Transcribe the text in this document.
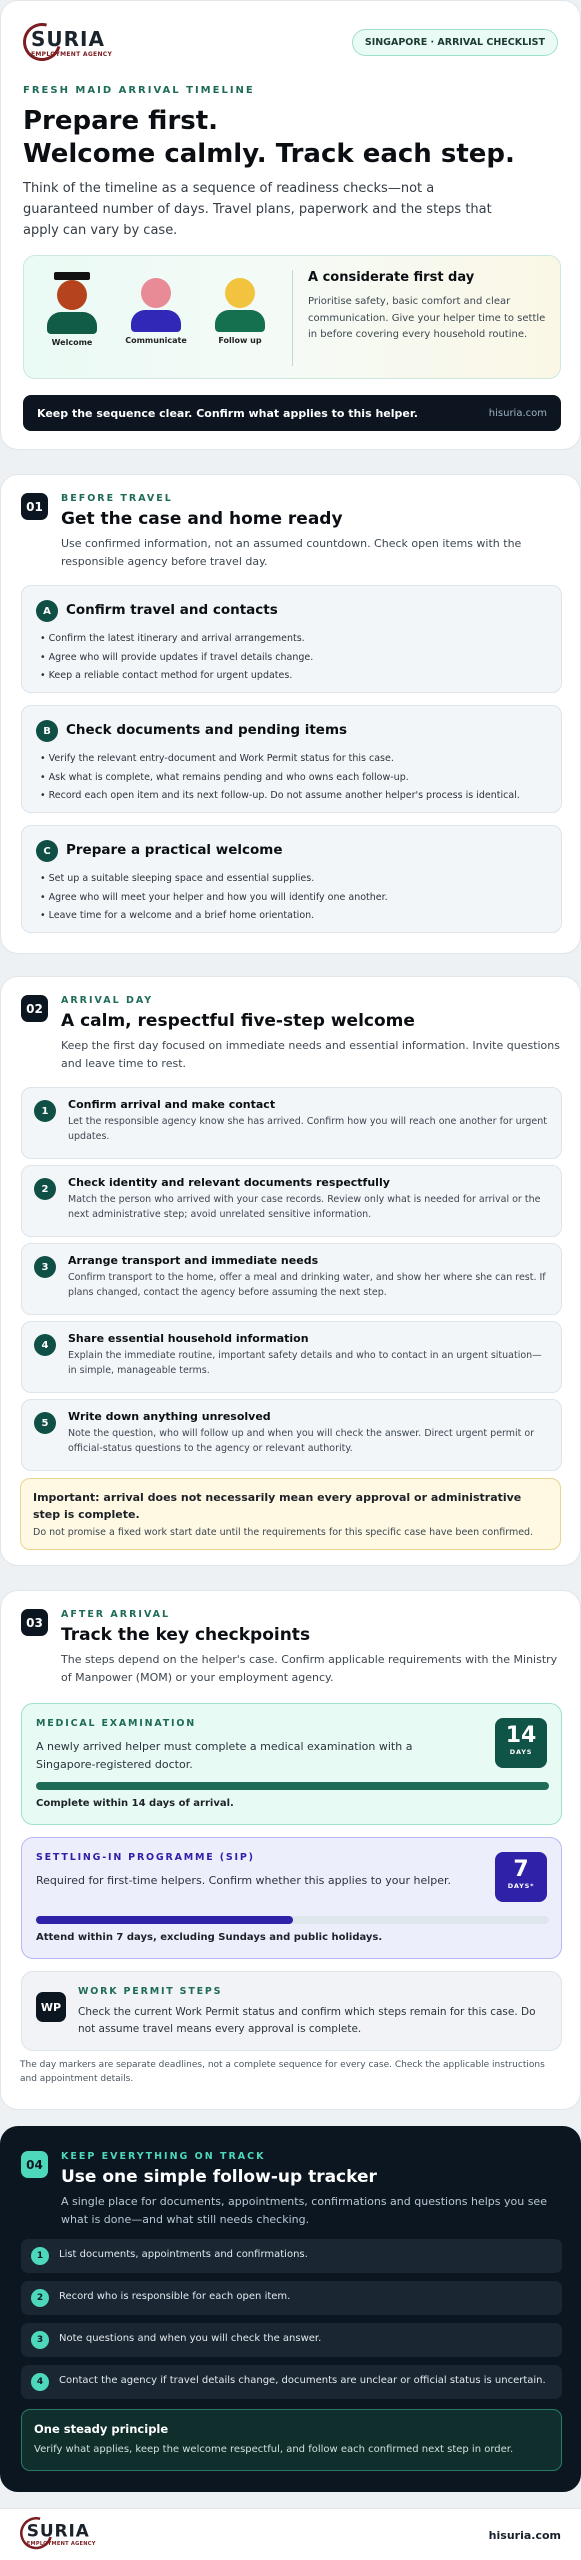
SURIA
EMPLOYMENT AGENCY
SINGAPORE · ARRIVAL CHECKLIST
FRESH MAID ARRIVAL TIMELINE
Prepare first.
Welcome calmly. Track each step.
Think of the timeline as a sequence of readiness checks—not a guaranteed number of days. Travel plans, paperwork and the steps that apply can vary by case.
Welcome	Communicate	Follow up
A considerate first day
Prioritise safety, basic comfort and clear communication. Give your helper time to settle in before covering every household routine.
Keep the sequence clear. Confirm what applies to this helper.	hisuria.com
01
BEFORE TRAVEL
Get the case and home ready
Use confirmed information, not an assumed countdown. Check open items with the responsible agency before travel day.
A	Confirm travel and contacts
• Confirm the latest itinerary and arrival arrangements.
• Agree who will provide updates if travel details change.
• Keep a reliable contact method for urgent updates.
B	Check documents and pending items
• Verify the relevant entry-document and Work Permit status for this case.
• Ask what is complete, what remains pending and who owns each follow-up.
• Record each open item and its next follow-up. Do not assume another helper's process is identical.
C	Prepare a practical welcome
• Set up a suitable sleeping space and essential supplies.
• Agree who will meet your helper and how you will identify one another.
• Leave time for a welcome and a brief home orientation.
02
ARRIVAL DAY
A calm, respectful five-step welcome
Keep the first day focused on immediate needs and essential information. Invite questions and leave time to rest.
1	Confirm arrival and make contact
Let the responsible agency know she has arrived. Confirm how you will reach one another for urgent updates.
2	Check identity and relevant documents respectfully
Match the person who arrived with your case records. Review only what is needed for arrival or the next administrative step; avoid unrelated sensitive information.
3	Arrange transport and immediate needs
Confirm transport to the home, offer a meal and drinking water, and show her where she can rest. If plans changed, contact the agency before assuming the next step.
4	Share essential household information
Explain the immediate routine, important safety details and who to contact in an urgent situation—in simple, manageable terms.
5	Write down anything unresolved
Note the question, who will follow up and when you will check the answer. Direct urgent permit or official-status questions to the agency or relevant authority.
Important: arrival does not necessarily mean every approval or administrative step is complete.
Do not promise a fixed work start date until the requirements for this specific case have been confirmed.
03
AFTER ARRIVAL
Track the key checkpoints
The steps depend on the helper's case. Confirm applicable requirements with the Ministry of Manpower (MOM) or your employment agency.
MEDICAL EXAMINATION
A newly arrived helper must complete a medical examination with a Singapore-registered doctor.
14
DAYS
Complete within 14 days of arrival.
SETTLING-IN PROGRAMME (SIP)
Required for first-time helpers. Confirm whether this applies to your helper.	7
DAYS*
Attend within 7 days, excluding Sundays and public holidays.
WP
WORK PERMIT STEPS
Check the current Work Permit status and confirm which steps remain for this case. Do not assume travel means every approval is complete.
The day markers are separate deadlines, not a complete sequence for every case. Check the applicable instructions and appointment details.
04
KEEP EVERYTHING ON TRACK
Use one simple follow-up tracker
A single place for documents, appointments, confirmations and questions helps you see what is done—and what still needs checking.
1	List documents, appointments and confirmations.
2	Record who is responsible for each open item.
3	Note questions and when you will check the answer.
4	Contact the agency if travel details change, documents are unclear or official status is uncertain.
One steady principle
Verify what applies, keep the welcome respectful, and follow each confirmed next step in order.
SURIA
EMPLOYMENT AGENCY
hisuria.com
